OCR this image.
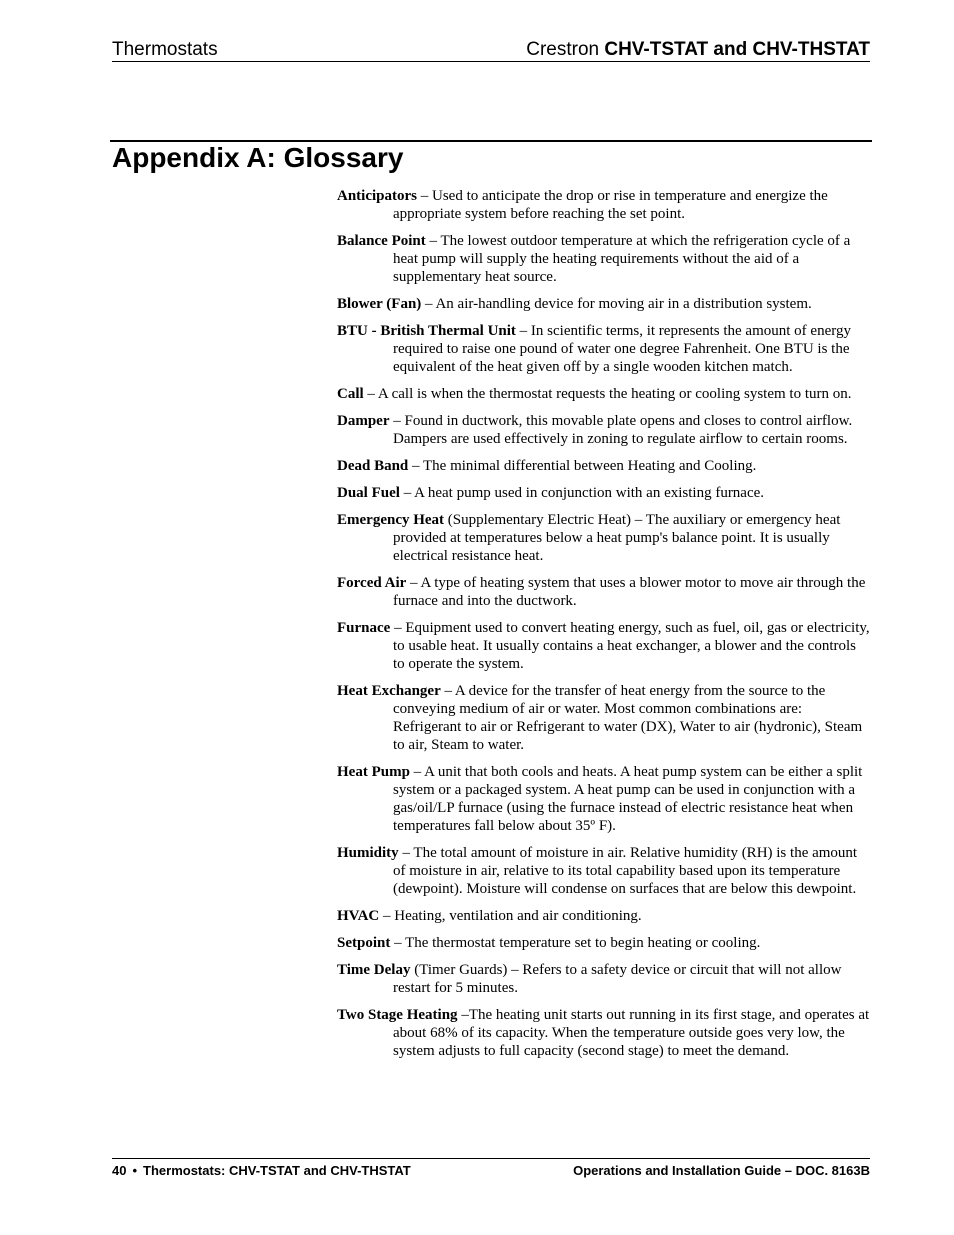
Thermostats	Crestron CHV-TSTAT and CHV-THSTAT
Appendix A: Glossary

Anticipators – Used to anticipate the drop or rise in temperature and energize the appropriate system before reaching the set point.

Balance Point – The lowest outdoor temperature at which the refrigeration cycle of a heat pump will supply the heating requirements without the aid of a supplementary heat source.

Blower (Fan) – An air-handling device for moving air in a distribution system.

BTU - British Thermal Unit – In scientific terms, it represents the amount of energy required to raise one pound of water one degree Fahrenheit. One BTU is the equivalent of the heat given off by a single wooden kitchen match.

Call – A call is when the thermostat requests the heating or cooling system to turn on.

Damper – Found in ductwork, this movable plate opens and closes to control airflow. Dampers are used effectively in zoning to regulate airflow to certain rooms.

Dead Band – The minimal differential between Heating and Cooling.

Dual Fuel – A heat pump used in conjunction with an existing furnace.

Emergency Heat (Supplementary Electric Heat) – The auxiliary or emergency heat provided at temperatures below a heat pump's balance point. It is usually electrical resistance heat.

Forced Air – A type of heating system that uses a blower motor to move air through the furnace and into the ductwork.

Furnace – Equipment used to convert heating energy, such as fuel, oil, gas or electricity, to usable heat. It usually contains a heat exchanger, a blower and the controls to operate the system.

Heat Exchanger – A device for the transfer of heat energy from the source to the conveying medium of air or water. Most common combinations are: Refrigerant to air or Refrigerant to water (DX), Water to air (hydronic), Steam to air, Steam to water.

Heat Pump – A unit that both cools and heats. A heat pump system can be either a split system or a packaged system. A heat pump can be used in conjunction with a gas/oil/LP furnace (using the furnace instead of electric resistance heat when temperatures fall below about 35º F).

Humidity – The total amount of moisture in air. Relative humidity (RH) is the amount of moisture in air, relative to its total capability based upon its temperature (dewpoint). Moisture will condense on surfaces that are below this dewpoint.

HVAC – Heating, ventilation and air conditioning.

Setpoint – The thermostat temperature set to begin heating or cooling.

Time Delay (Timer Guards) – Refers to a safety device or circuit that will not allow restart for 5 minutes.

Two Stage Heating –The heating unit starts out running in its first stage, and operates at about 68% of its capacity. When the temperature outside goes very low, the system adjusts to full capacity (second stage) to meet the demand.

40 • Thermostats: CHV-TSTAT and CHV-THSTAT	Operations and Installation Guide – DOC. 8163B
